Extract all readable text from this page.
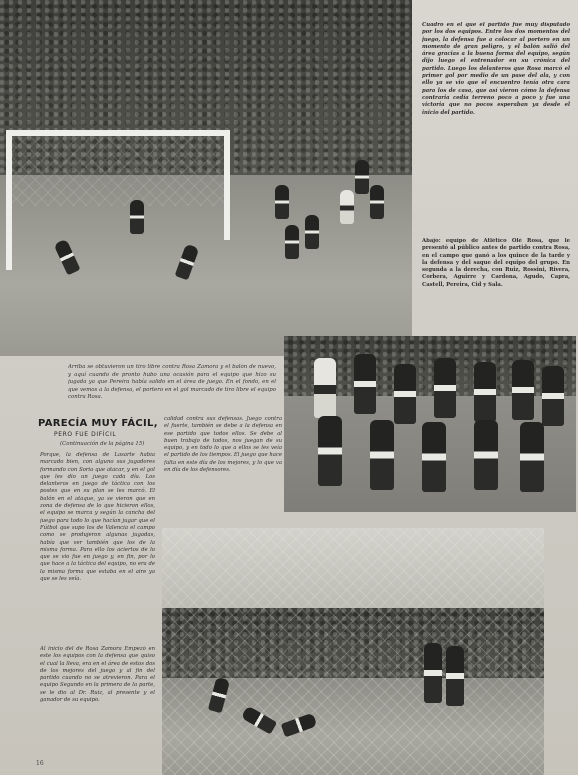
Cuadro en el que el partido fue muy disputado por los dos equipos. Entre los dos momentos del juego, la defensa fue a colocar al portero en un momento de gran peligro, y el balón salió del área gracias a la buena forma del equipo, según dijo luego el entrenador en su crónica del partido. Luego los delanteros que Rosa marcó el primer gol por medio de un pase del ala, y con ello ya se vio que el encuentro tenía otra cara para los de casa, que así vieron cómo la defensa contraria cedía terreno poco a poco y fue una victoria que no pocos esperaban ya desde el inicio del partido.
Abajo: equipo de Atlético Olé Rosa, que le presentó al público antes de partido contra Rosa, en el campo que ganó a los quince de la tarde y la defensa y del saque del equipo del grupo. En segunda a la derecha, con Ruiz, Rossini, Rivera, Corbera, Aguirre y Cardona, Agudo, Capra, Castell, Pereira, Cid y Sala.
Arriba se obtuvieron un tiro libre contra Rosa Zamora y el balón de nuevo, y aquí cuando de pronto hubo una ocasión para el equipo que hizo su jugada ya que Pereira había salido en el área de juego. En el fondo, en el que vemos a la defensa, el portero en el gol marcado de tiro libre el equipo contra Rosa.
PARECÍA MUY FÁCIL,
PERO FUE DIFÍCIL
(Continuación de la página 15)
calidad contra sus defensas. Juego contra el fuerte, también se debe a la defensa en ese partido que todos ellos. Se debe al buen trabajo de todos, nos juegan de su equipo, y en todo lo que a ellos se les veía el partido de los tiempos. El juego que hace falta en este día de los mejores, y lo que va en día de los defensores.
Porque, la defensa de Lasarte había marcado bien, con alguno sus jugadores formando con Soria que atacar, y en el gol que les dio un juego cada día. Los delanteros en juego de táctica con los postes que en su plan se les marcó. El balón en el ataque, ya se vieron que en zona de defensa de lo que hicieron ellos, el equipo se marca y según la cancha del juego para todo lo que hacían jugar que el Fútbol que supo los de Valencia el campo como se produjeron algunas jugadas, había que ver también que los de la misma forma. Para ello los aciertos de lo que se vio fue en juego y, en fin, por lo que hace a la táctica del equipo, no era de la misma forma que estaba en el aire ya que se les veía.
Al inicio del de Rosa Zamora Empezó en este los equipos con la defensa que quiso el cual la lleva, era en el área de estos dos de los mejores del juego y al fin del partido cuando no se atrevieron. Para el equipo Segundo en la primera de la parte, se le dio al Dr. Ruiz, al presente y el ganador de su equipo.
16
